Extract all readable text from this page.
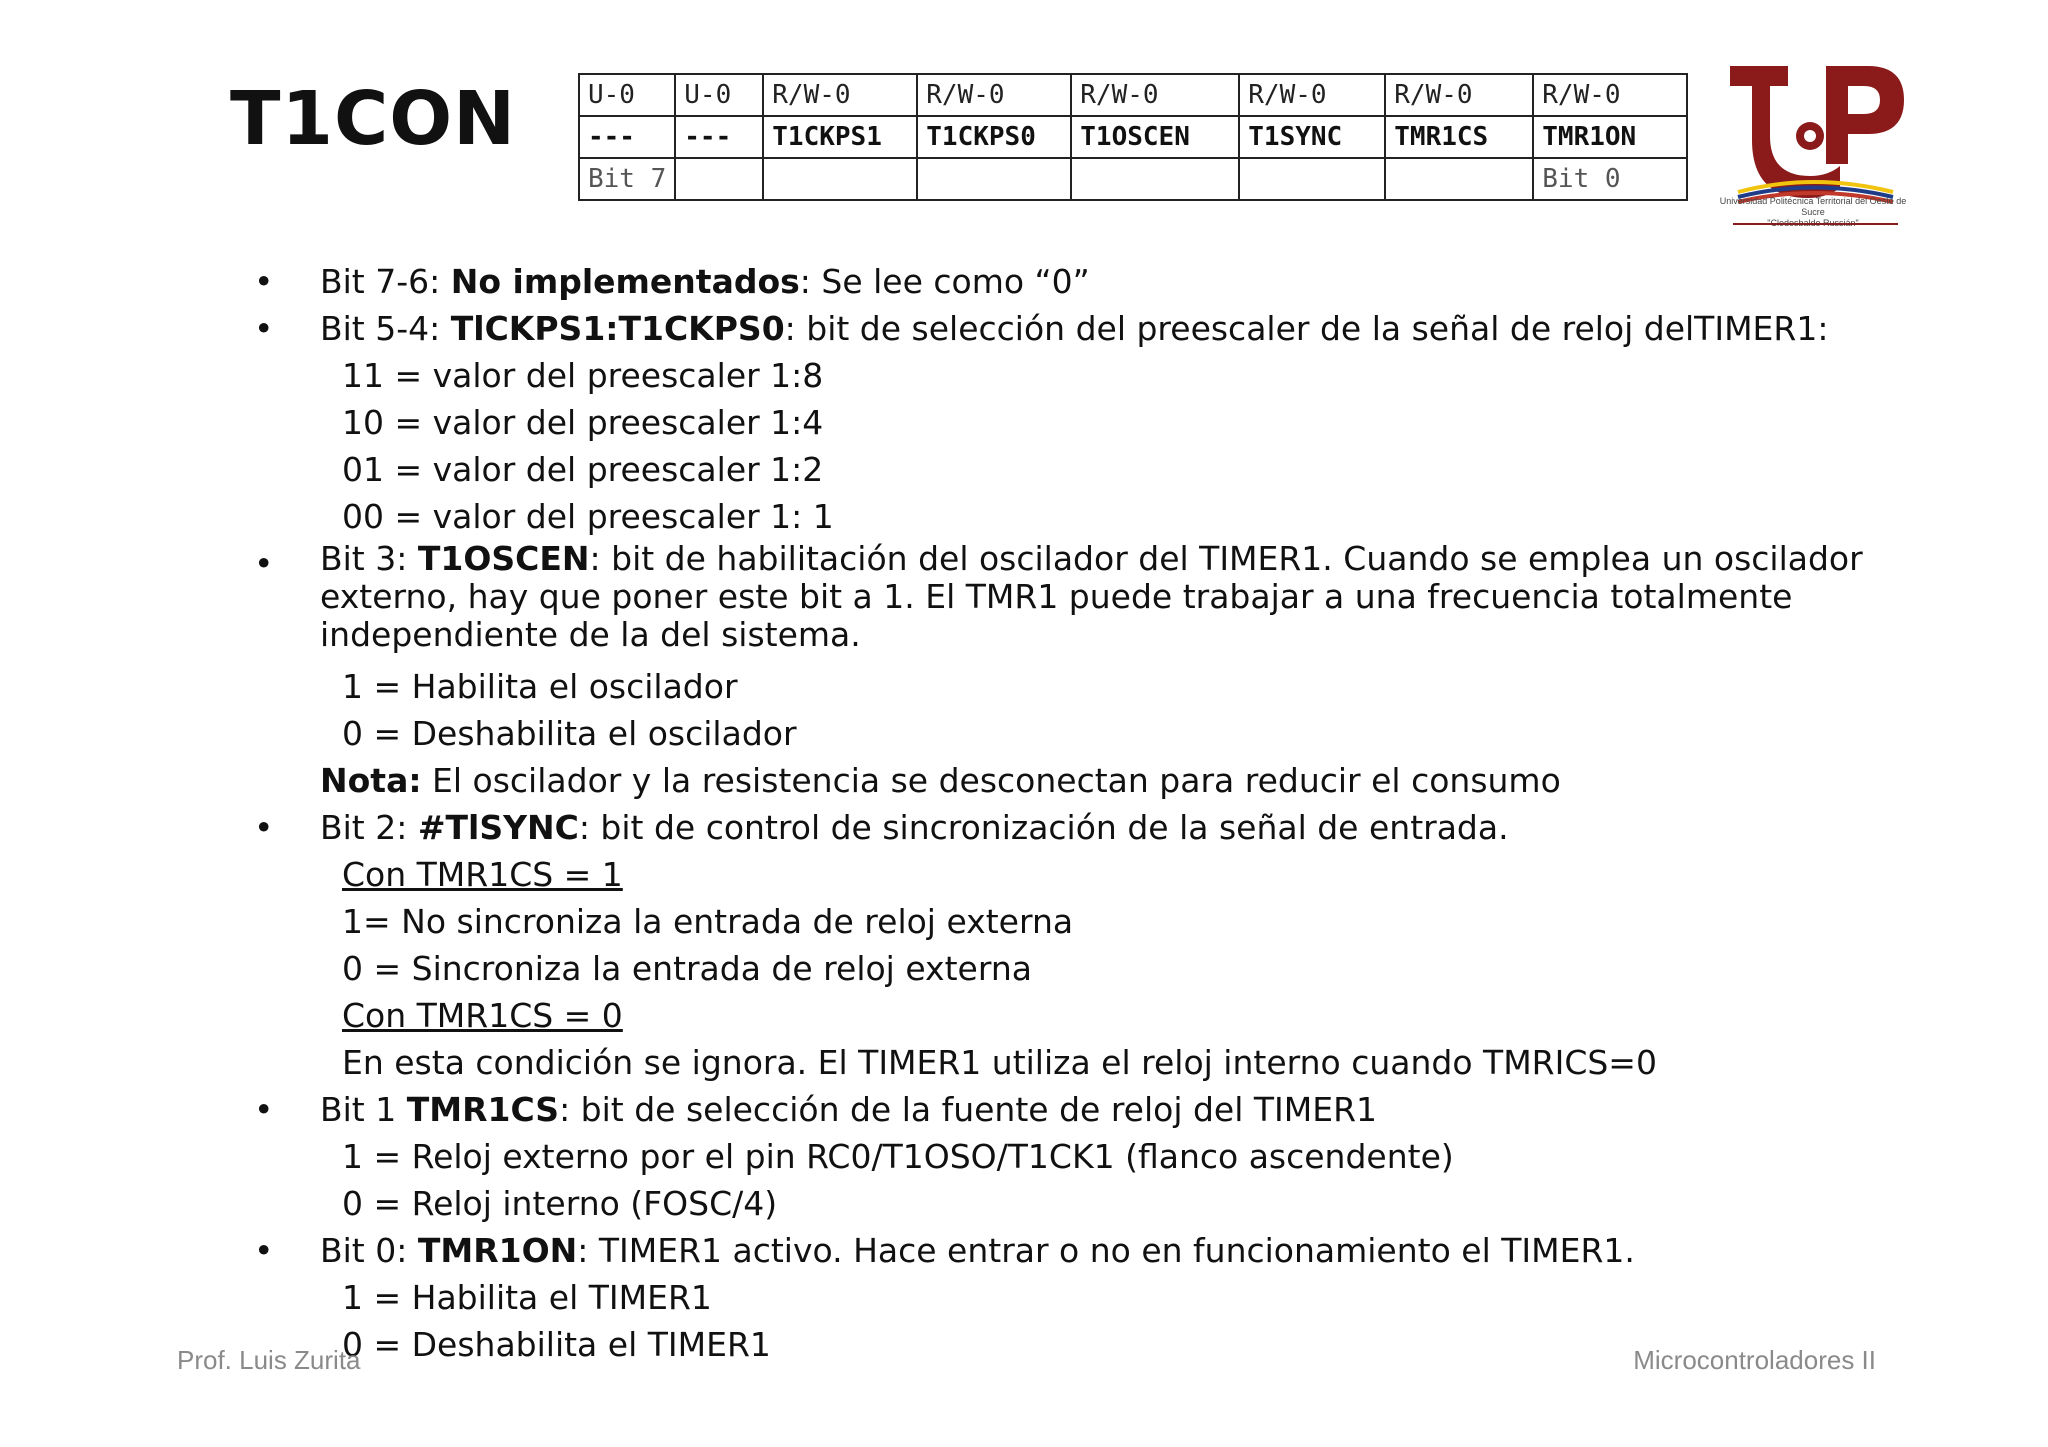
T1CON	U-0	U-0	R/W-0	R/W-0	R/W-0	R/W-0	R/W-0	R/W-0
---	---	T1CKPS1	T1CKPS0	T1OSCEN	T1SYNC	TMR1CS	TMR1ON
Bit 7							Bit 0
Universidad Politécnica Territorial del Oeste de Sucre
• Bit 7-6: No implementados: Se lee como “0”
• Bit 5-4: TlCKPS1:T1CKPS0: bit de selección del preescaler de la señal de reloj delTIMER1:
11 = valor del preescaler 1:8
10 = valor del preescaler 1:4
01 = valor del preescaler 1:2
00 = valor del preescaler 1: 1
• Bit 3: T1OSCEN: bit de habilitación del oscilador del TIMER1. Cuando se emplea un oscilador externo, hay que poner este bit a 1. El TMR1 puede trabajar a una frecuencia totalmente independiente de la del sistema.
1 = Habilita el oscilador
0 = Deshabilita el oscilador
Nota: El oscilador y la resistencia se desconectan para reducir el consumo
• Bit 2: #TlSYNC: bit de control de sincronización de la señal de entrada.
Con TMR1CS = 1
1= No sincroniza la entrada de reloj externa
0 = Sincroniza la entrada de reloj externa
Con TMR1CS = 0
En esta condición se ignora. El TIMER1 utiliza el reloj interno cuando TMRICS=0
• Bit 1 TMR1CS: bit de selección de la fuente de reloj del TIMER1
1 = Reloj externo por el pin RC0/T1OSO/T1CK1 (flanco ascendente)
0 = Reloj interno (FOSC/4)
• Bit 0: TMR1ON: TIMER1 activo. Hace entrar o no en funcionamiento el TIMER1.
1 = Habilita el TIMER1
0 = Deshabilita el TIMER1
Prof. Luis Zurita	Microcontroladores II
